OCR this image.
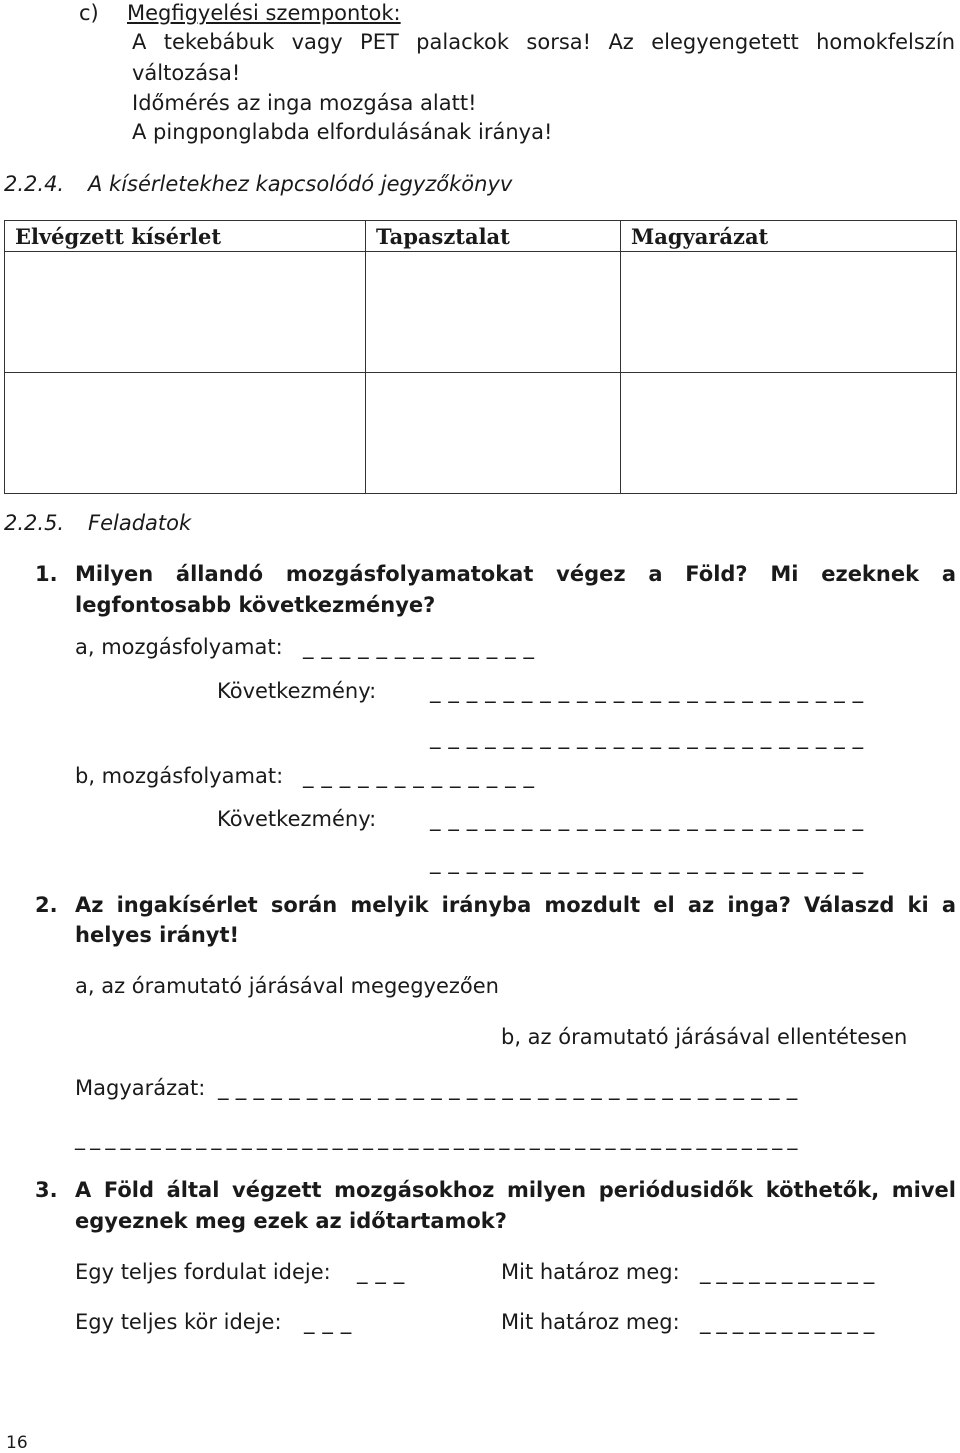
c) Megfigyelési szempontok:
A tekebábuk vagy PET palackok sorsa! Az elegyengetett homokfelszín
változása!
Időmérés az inga mozgása alatt!
A pingponglabda elfordulásának iránya!
2.2.4. A kísérletekhez kapcsolódó jegyzőkönyv
Elvégzett kísérlet	Tapasztalat	Magyarázat

2.2.5. Feladatok
1. Milyen állandó mozgásfolyamatokat végez a Föld? Mi ezeknek a
legfontosabb következménye?
a, mozgásfolyamat: _ _ _ _ _ _ _ _ _ _ _ _ _
Következmény:	_ _ _ _ _ _ _ _ _ _ _ _ _ _ _ _ _ _ _ _ _ _ _ _
_ _ _ _ _ _ _ _ _ _ _ _ _ _ _ _ _ _ _ _ _ _ _ _
b, mozgásfolyamat: _ _ _ _ _ _ _ _ _ _ _ _ _
Következmény:	_ _ _ _ _ _ _ _ _ _ _ _ _ _ _ _ _ _ _ _ _ _ _ _
_ _ _ _ _ _ _ _ _ _ _ _ _ _ _ _ _ _ _ _ _ _ _ _
2. Az ingakísérlet során melyik irányba mozdult el az inga? Válaszd ki a
helyes irányt!
a, az óramutató járásával megegyezően
b, az óramutató járásával ellentétesen
Magyarázat: _ _ _ _ _ _ _ _ _ _ _ _ _ _ _ _ _ _ _ _ _ _ _ _ _ _ _ _ _ _ _ _ _
_ _ _ _ _ _ _ _ _ _ _ _ _ _ _ _ _ _ _ _ _ _ _ _ _ _ _ _ _ _ _ _ _ _ _ _ _ _ _ _ _ _ _ _ _ _ _ _
3. A Föld által végzett mozgásokhoz milyen periódusidők köthetők, mivel
egyeznek meg ezek az időtartamok?
Egy teljes fordulat ideje: _ _ _	Mit határoz meg: _ _ _ _ _ _ _ _ _ _ _
Egy teljes kör ideje: _ _ _	Mit határoz meg: _ _ _ _ _ _ _ _ _ _ _
16
